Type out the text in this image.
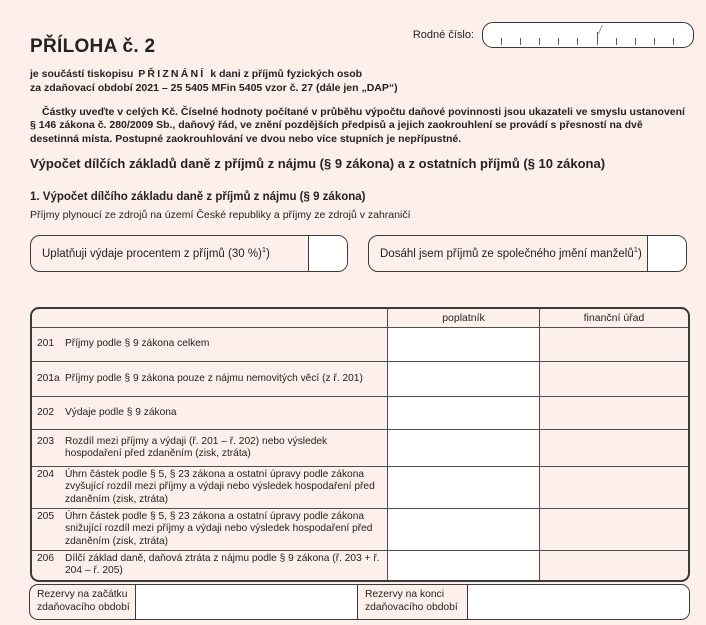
PŘÍLOHA č. 2
je součástí tiskopisu PŘIZNÁNÍ k dani z příjmů fyzických osob
za zdaňovací období 2021 – 25 5405 MFin 5405 vzor č. 27 (dále jen „DAP“)
Rodné číslo:	/

Částky uveďte v celých Kč. Číselné hodnoty počítané v průběhu výpočtu daňové povinnosti jsou ukazateli ve smyslu ustanovení § 146 zákona č. 280/2009 Sb., daňový řád, ve znění pozdějších předpisů a jejich zaokrouhlení se provádí s přesností na dvě desetinná místa. Postupné zaokrouhlování ve dvou nebo více stupních je nepřípustné.

Výpočet dílčích základů daně z příjmů z nájmu (§ 9 zákona) a z ostatních příjmů (§ 10 zákona)
1. Výpočet dílčího základu daně z příjmů z nájmu (§ 9 zákona)
Příjmy plynoucí ze zdrojů na území České republiky a příjmy ze zdrojů v zahraničí
Uplatňuji výdaje procentem z příjmů (30 %)$^1$)	Dosáhl jsem příjmů ze společného jmění manželů$^1$)
poplatník	finanční úřad
201	Příjmy podle § 9 zákona celkem
201a Příjmy podle § 9 zákona pouze z nájmu nemovitých věcí (z ř. 201)
202	Výdaje podle § 9 zákona
203	Rozdíl mezi příjmy a výdaji (ř. 201 – ř. 202) nebo výsledek hospodaření před zdaněním (zisk, ztráta)
204	Úhrn částek podle § 5, § 23 zákona a ostatní úpravy podle zákona zvyšující rozdíl mezi příjmy a výdaji nebo výsledek hospodaření před zdaněním (zisk, ztráta)
205	Úhrn částek podle § 5, § 23 zákona a ostatní úpravy podle zákona snižující rozdíl mezi příjmy a výdaji nebo výsledek hospodaření před zdaněním (zisk, ztráta)
206	Dílčí základ daně, daňová ztráta z nájmu podle § 9 zákona (ř. 203 + ř. 204 – ř. 205)
Rezervy na začátku zdaňovacího období
Rezervy na konci zdaňovacího období
